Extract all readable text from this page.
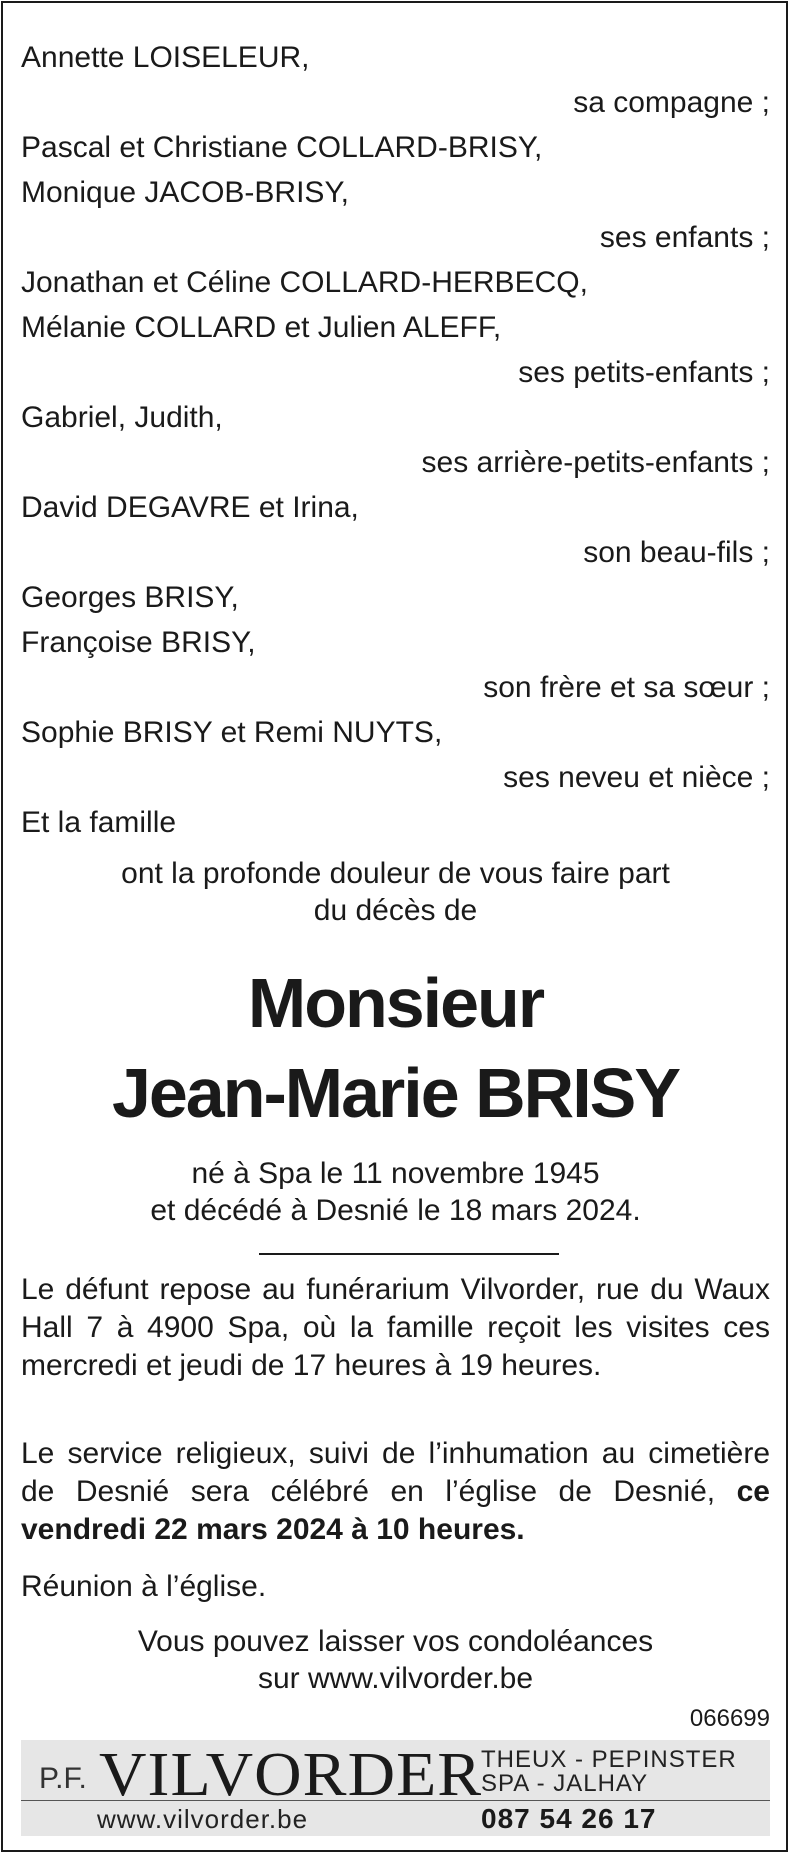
Annette LOISELEUR,
sa compagne ;
Pascal et Christiane COLLARD-BRISY,
Monique JACOB-BRISY,
ses enfants ;
Jonathan et Céline COLLARD-HERBECQ,
Mélanie COLLARD et Julien ALEFF,
ses petits-enfants ;
Gabriel, Judith,
ses arrière-petits-enfants ;
David DEGAVRE et Irina,
son beau-fils ;
Georges BRISY,
Françoise BRISY,
son frère et sa sœur ;
Sophie BRISY et Remi NUYTS,
ses neveu et nièce ;
Et la famille
ont la profonde douleur de vous faire part
du décès de
Monsieur
Jean-Marie BRISY
né à Spa le 11 novembre 1945
et décédé à Desnié le 18 mars 2024.
Le défunt repose au funérarium Vilvorder, rue du Waux Hall 7 à 4900 Spa, où la famille reçoit les visites ces mercredi et jeudi de 17 heures à 19 heures.
Le service religieux, suivi de l’inhumation au cimetière de Desnié sera célébré en l’église de Desnié, ce vendredi 22 mars 2024 à 10 heures.
Réunion à l’église.
Vous pouvez laisser vos condoléances
sur www.vilvorder.be
066699
P.F. VILVORDER
THEUX - PEPINSTER
SPA - JALHAY
www.vilvorder.be	087 54 26 17
